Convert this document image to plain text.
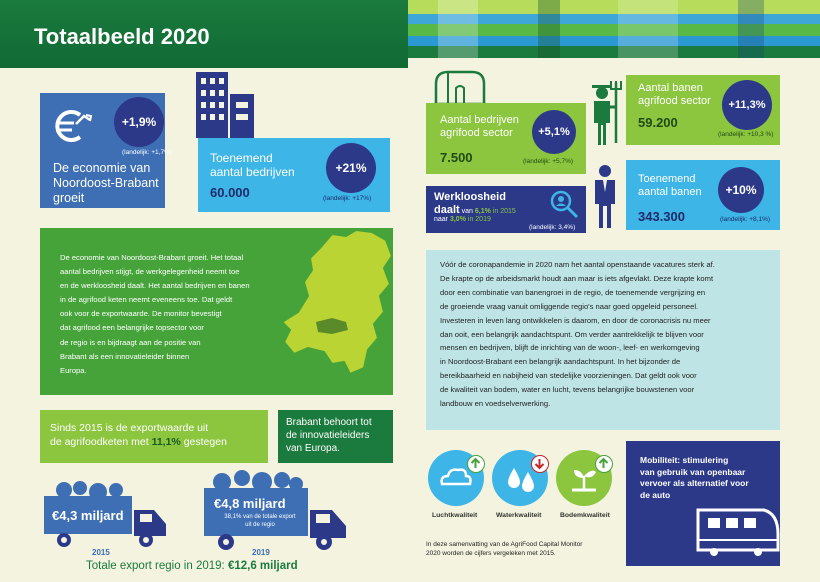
Totaalbeeld 2020
+1,9%
(landelijk: +1,7%)
De economie van
Noordoost-Brabant
groeit
Toenemend
aantal bedrijven
60.000
+21%
(landelijk: +17%)
Aantal bedrijven
agrifood sector
7.500
+5,1%
(landelijk: +5,7%)
Aantal banen
agrifood sector
59.200
+11,3%
(landelijk: +10,3 %)
Werkloosheid
daalt van 6,1% in 2015
naar 3,0% in 2019
(landelijk: 3,4%)
Toenemend
aantal banen
343.300
+10%
(landelijk: +8,1%)
De economie van Noordoost-Brabant groeit. Het totaal
aantal bedrijven stijgt, de werkgelegenheid neemt toe
en de werkloosheid daalt. Het aantal bedrijven en banen
in de agrifood keten neemt eveneens toe. Dat geldt
ook voor de exportwaarde. De monitor bevestigt
dat agrifood een belangrijke topsector voor
de regio is en bijdraagt aan de positie van
Brabant als een innovatieleider binnen
Europa.
Sinds 2015 is de exportwaarde uit
de agrifoodketen met 11,1% gestegen
Brabant behoort tot
de innovatieleiders
van Europa.
€4,3 miljard
2015
€4,8 miljard
38,1% van de totale export
uit de regio
2019
Totale export regio in 2019: €12,6 miljard
Vóór de coronapandemie in 2020 nam het aantal openstaande vacatures sterk af.
De krapte op de arbeidsmarkt houdt aan maar is iets afgevlakt. Deze krapte komt
door een combinatie van banengroei in de regio, de toenemende vergrijzing en
de groeiende vraag vanuit omliggende regio's naar goed opgeleid personeel.
Investeren in leven lang ontwikkelen is daarom, en door de coronacrisis nu meer
dan ooit, een belangrijk aandachtspunt. Om verder aantrekkelijk te blijven voor
mensen en bedrijven, blijft de inrichting van de woon-, leef- en werkomgeving
in Noordoost-Brabant een belangrijk aandachtspunt. In het bijzonder de
bereikbaarheid en nabijheid van stedelijke voorzieningen. Dat geldt ook voor
de kwaliteit van bodem, water en lucht, tevens belangrijke bouwstenen voor
landbouw en voedselverwerking.
Luchtkwaliteit	Waterkwaliteit	Bodemkwaliteit
Mobiliteit: stimulering
van gebruik van openbaar
vervoer als alternatief voor
de auto
In deze samenvatting van de AgriFood Capital Monitor
2020 worden de cijfers vergeleken met 2015.
